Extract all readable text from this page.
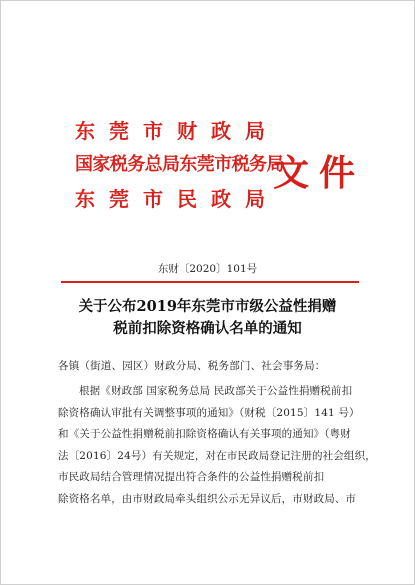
东莞市财政局
国家税务总局东莞市税务局
东莞市民政局
文件
东财〔2020〕101号
关于公布2019年东莞市市级公益性捐赠
税前扣除资格确认名单的通知
各镇（街道、园区）财政分局、税务部门、社会事务局：
根据《财政部 国家税务总局 民政部关于公益性捐赠税前扣
除资格确认审批有关调整事项的通知》（财税〔2015〕141 号）
和《关于公益性捐赠税前扣除资格确认有关事项的通知》（粤财
法〔2016〕24号）有关规定，对在市民政局登记注册的社会组织，
市民政局结合管理情况提出符合条件的公益性捐赠税前扣
除资格名单，由市财政局牵头组织公示无异议后，市财政局、市
